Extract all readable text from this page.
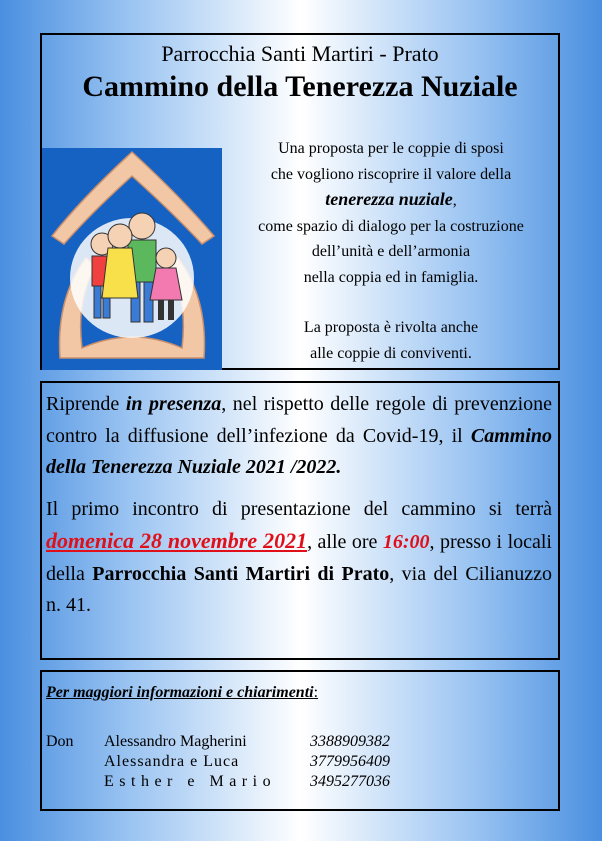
Parrocchia Santi Martiri - Prato
Cammino della Tenerezza Nuziale
Una proposta per le coppie di sposi
che vogliono riscoprire il valore della
tenerezza nuziale,
come spazio di dialogo per la costruzione
dell’unità e dell’armonia
nella coppia ed in famiglia.
La proposta è rivolta anche
alle coppie di conviventi.

Riprende in presenza, nel rispetto delle regole di prevenzione contro la diffusione dell’infezione da Covid-19, il Cammino della Tenerezza Nuziale 2021 /2022.

Il primo incontro di presentazione del cammino si terrà domenica 28 novembre 2021, alle ore 16:00, presso i locali della Parrocchia Santi Martiri di Prato, via del Cilianuzzo n. 41.

Per maggiori informazioni e chiarimenti:
Don Alessandro Magherini	3388909382
Alessandra e Luca	3779956409
Esther e Mario 3495277036
